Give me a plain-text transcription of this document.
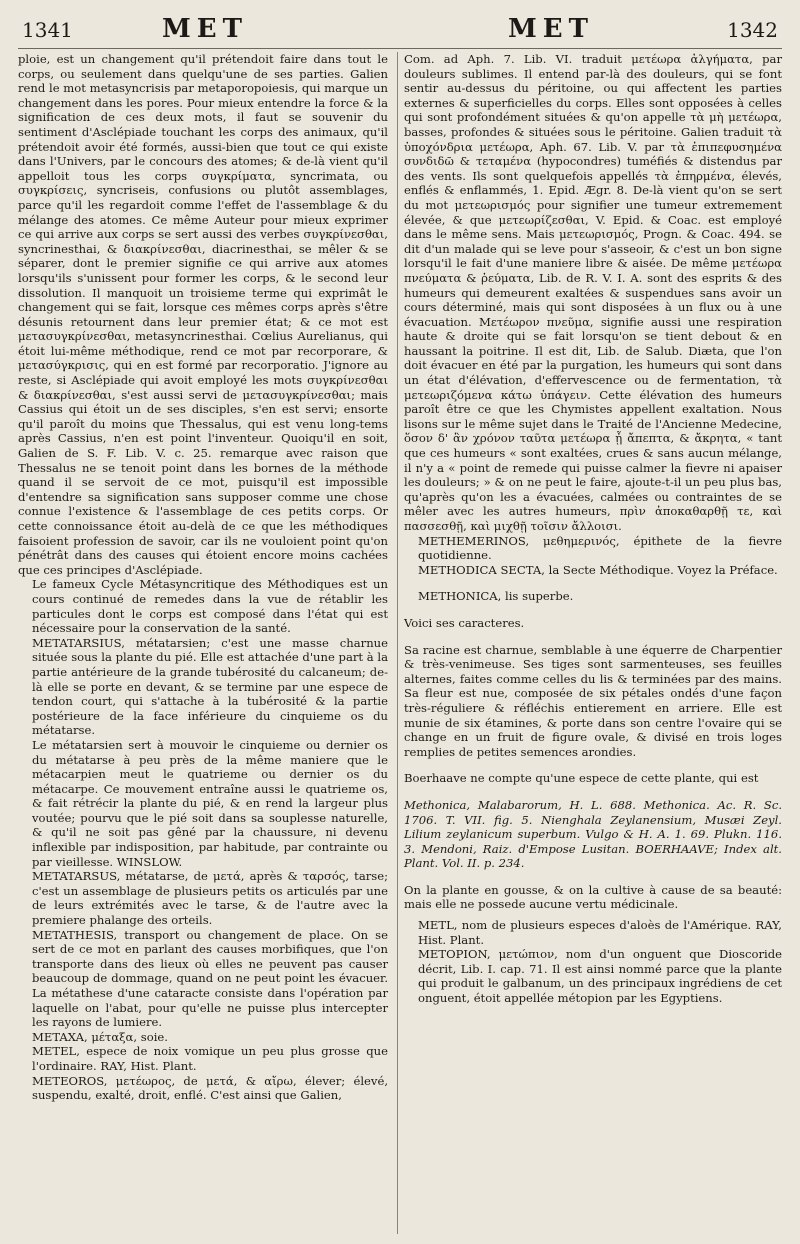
1341	MET	MET	1342

ploie, est un changement qu'il prétendoit faire dans tout le corps, ou seulement dans quelqu'une de ses parties. Galien rend le mot metasyncrisis par metaporopoiesis, qui marque un changement dans les pores. Pour mieux entendre la force & la signification de ces deux mots, il faut se souvenir du sentiment d'Asclépiade touchant les corps des animaux, qu'il prétendoit avoir été formés, aussi-bien que tout ce qui existe dans l'Univers, par le concours des atomes; & de-là vient qu'il appelloit tous les corps συγκρίματα, syncrimata, ou συγκρίσεις, syncriseis, confusions ou plutôt assemblages, parce qu'il les regardoit comme l'effet de l'assemblage & du mélange des atomes. Ce même Auteur pour mieux exprimer ce qui arrive aux corps se sert aussi des verbes συγκρίνεσθαι, syncrinesthai, & διακρίνεσθαι, diacrinesthai, se mêler & se séparer, dont le premier signifie ce qui arrive aux atomes lorsqu'ils s'unissent pour former les corps, & le second leur dissolution. Il manquoit un troisieme terme qui exprimât le changement qui se fait, lorsque ces mêmes corps après s'être désunis retournent dans leur premier état; & ce mot est μετασυγκρίνεσθαι, metasyncrinesthai. Cœlius Aurelianus, qui étoit lui-même méthodique, rend ce mot par recorporare, & μετασύγκρισις, qui en est formé par recorporatio. J'ignore au reste, si Asclépiade qui avoit employé les mots συγκρίνεσθαι & διακρίνεσθαι, s'est aussi servi de μετασυγκρίνεσθαι; mais Cassius qui étoit un de ses disciples, s'en est servi; ensorte qu'il paroît du moins que Thessalus, qui est venu long-tems après Cassius, n'en est point l'inventeur. Quoiqu'il en soit, Galien de S. F. Lib. V. c. 25. remarque avec raison que Thessalus ne se tenoit point dans les bornes de la méthode quand il se servoit de ce mot, puisqu'il est impossible d'entendre sa signification sans supposer comme une chose connue l'existence & l'assemblage de ces petits corps. Or cette connoissance étoit au-delà de ce que les méthodiques faisoient profession de savoir, car ils ne vouloient point qu'on pénétrât dans des causes qui étoient encore moins cachées que ces principes d'Asclépiade.

Le fameux Cycle Métasyncritique des Méthodiques est un cours continué de remedes dans la vue de rétablir les particules dont le corps est composé dans l'état qui est nécessaire pour la conservation de la santé.

METATARSIUS, métatarsien; c'est une masse charnue située sous la plante du pié. Elle est attachée d'une part à la partie antérieure de la grande tubérosité du calcaneum; de-là elle se porte en devant, & se termine par une espece de tendon court, qui s'attache à la tubérosité & la partie postérieure de la face inférieure du cinquieme os du métatarse.

Le métatarsien sert à mouvoir le cinquieme ou dernier os du métatarse à peu près de la même maniere que le métacarpien meut le quatrieme ou dernier os du métacarpe. Ce mouvement entraîne aussi le quatrieme os, & fait rétrécir la plante du pié, & en rend la largeur plus voutée; pourvu que le pié soit dans sa souplesse naturelle, & qu'il ne soit pas gêné par la chaussure, ni devenu inflexible par indisposition, par habitude, par contrainte ou par vieillesse. WINSLOW.

METATARSUS, métatarse, de μετά, après & ταρσός, tarse; c'est un assemblage de plusieurs petits os articulés par une de leurs extrémités avec le tarse, & de l'autre avec la premiere phalange des orteils.

METATHESIS, transport ou changement de place. On se sert de ce mot en parlant des causes morbifiques, que l'on transporte dans des lieux où elles ne peuvent pas causer beaucoup de dommage, quand on ne peut point les évacuer. La métathese d'une cataracte consiste dans l'opération par laquelle on l'abat, pour qu'elle ne puisse plus intercepter les rayons de lumiere.

METAXA, μέταξα, soie.

METEL, espece de noix vomique un peu plus grosse que l'ordinaire. RAY, Hist. Plant.

METEOROS, μετέωρος, de μετά, & αἴρω, élever; élevé, suspendu, exalté, droit, enflé. C'est ainsi que Galien,

Com. ad Aph. 7. Lib. VI. traduit μετέωρα ἀλγήματα, par douleurs sublimes. Il entend par-là des douleurs, qui se font sentir au-dessus du péritoine, ou qui affectent les parties externes & superficielles du corps. Elles sont opposées à celles qui sont profondément situées & qu'on appelle τὰ μὴ μετέωρα, basses, profondes & situées sous le péritoine. Galien traduit τὰ ὑποχόνδρια μετέωρα, Aph. 67. Lib. V. par τὰ ἐπιπεφυσημένα συνδιδῶ & τεταμένα (hypocondres) tuméfiés & distendus par des vents. Ils sont quelquefois appellés τὰ ἐπηρμένα, élevés, enflés & enflammés, 1. Epid. Ægr. 8. De-là vient qu'on se sert du mot μετεωρισμός pour signifier une tumeur extremement élevée, & que μετεωρίζεσθαι, V. Epid. & Coac. est employé dans le même sens. Mais μετεωρισμός, Progn. & Coac. 494. se dit d'un malade qui se leve pour s'asseoir, & c'est un bon signe lorsqu'il le fait d'une maniere libre & aisée. De même μετέωρα πνεύματα & ῥεύματα, Lib. de R. V. I. A. sont des esprits & des humeurs qui demeurent exaltées & suspendues sans avoir un cours déterminé, mais qui sont disposées à un flux ou à une évacuation. Μετέωρον πνεῦμα, signifie aussi une respiration haute & droite qui se fait lorsqu'on se tient debout & en haussant la poitrine. Il est dit, Lib. de Salub. Diæta, que l'on doit évacuer en été par la purgation, les humeurs qui sont dans un état d'élévation, d'effervescence ou de fermentation, τὰ μετεωριζόμενα κάτω ὑπάγειν. Cette élévation des humeurs paroît être ce que les Chymistes appellent exaltation. Nous lisons sur le même sujet dans le Traité de l'Ancienne Medecine, ὅσον δ' ἂν χρόνον ταῦτα μετέωρα ᾖ ἄπεπτα, & ἄκρητα, « tant que ces humeurs « sont exaltées, crues & sans aucun mélange, il n'y a « point de remede qui puisse calmer la fievre ni apaiser les douleurs; » & on ne peut le faire, ajoute-t-il un peu plus bas, qu'après qu'on les a évacuées, calmées ou contraintes de se mêler avec les autres humeurs, πρὶν ἀποκαθαρθῇ τε, καὶ πασσεσθῇ, καὶ μιχθῇ τοῖσιν ἄλλοισι.

METHEMERINOS, μεθημερινός, épithete de la fievre quotidienne.

METHODICA SECTA, la Secte Méthodique. Voyez la Préface.

METHONICA, lis superbe.

Voici ses caracteres.

Sa racine est charnue, semblable à une équerre de Charpentier & très-venimeuse. Ses tiges sont sarmenteuses, ses feuilles alternes, faites comme celles du lis & terminées par des mains. Sa fleur est nue, composée de six pétales ondés d'une façon très-réguliere & réfléchis entierement en arriere. Elle est munie de six étamines, & porte dans son centre l'ovaire qui se change en un fruit de figure ovale, & divisé en trois loges remplies de petites semences arondies.

Boerhaave ne compte qu'une espece de cette plante, qui est

Methonica, Malabarorum, H. L. 688. Methonica. Ac. R. Sc. 1706. T. VII. fig. 5. Nienghala Zeylanensium, Musæi Zeyl. Lilium zeylanicum superbum. Vulgo & H. A. 1. 69. Plukn. 116. 3. Mendoni, Raiz. d'Empose Lusitan. BOERHAAVE; Index alt. Plant. Vol. II. p. 234.

On la plante en gousse, & on la cultive à cause de sa beauté: mais elle ne possede aucune vertu médicinale.

METL, nom de plusieurs especes d'aloès de l'Amérique. RAY, Hist. Plant.

METOPION, μετώπιον, nom d'un onguent que Dioscoride décrit, Lib. I. cap. 71. Il est ainsi nommé parce que la plante qui produit le galbanum, un des principaux ingrédiens de cet onguent, étoit appellée métopion par les Egyptiens.
